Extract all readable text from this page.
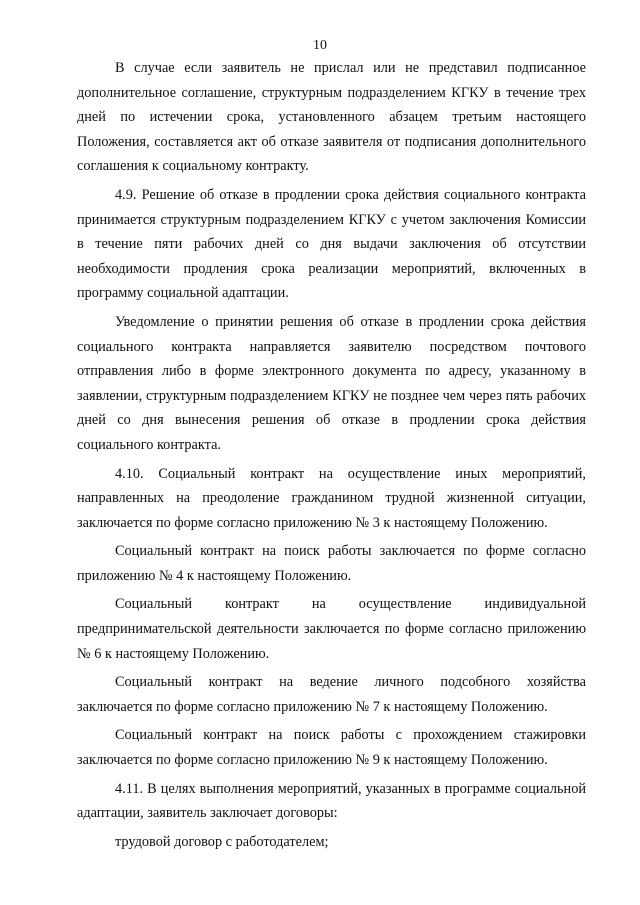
10

В случае если заявитель не прислал или не представил подписанное дополнительное соглашение, структурным подразделением КГКУ в течение трех дней по истечении срока, установленного абзацем третьим настоящего Положения, составляется акт об отказе заявителя от подписания дополнительного соглашения к социальному контракту.

4.9. Решение об отказе в продлении срока действия социального контракта принимается структурным подразделением КГКУ с учетом заключения Комиссии в течение пяти рабочих дней со дня выдачи заключения об отсутствии необходимости продления срока реализации мероприятий, включенных в программу социальной адаптации.

Уведомление о принятии решения об отказе в продлении срока действия социального контракта направляется заявителю посредством почтового отправления либо в форме электронного документа по адресу, указанному в заявлении, структурным подразделением КГКУ не позднее чем через пять рабочих дней со дня вынесения решения об отказе в продлении срока действия социального контракта.

4.10. Социальный контракт на осуществление иных мероприятий, направленных на преодоление гражданином трудной жизненной ситуации, заключается по форме согласно приложению № 3 к настоящему Положению.

Социальный контракт на поиск работы заключается по форме согласно приложению № 4 к настоящему Положению.

Социальный контракт на осуществление индивидуальной предпринимательской деятельности заключается по форме согласно приложению № 6 к настоящему Положению.

Социальный контракт на ведение личного подсобного хозяйства заключается по форме согласно приложению № 7 к настоящему Положению.

Социальный контракт на поиск работы с прохождением стажировки заключается по форме согласно приложению № 9 к настоящему Положению.

4.11. В целях выполнения мероприятий, указанных в программе социальной адаптации, заявитель заключает договоры:

трудовой договор с работодателем;
